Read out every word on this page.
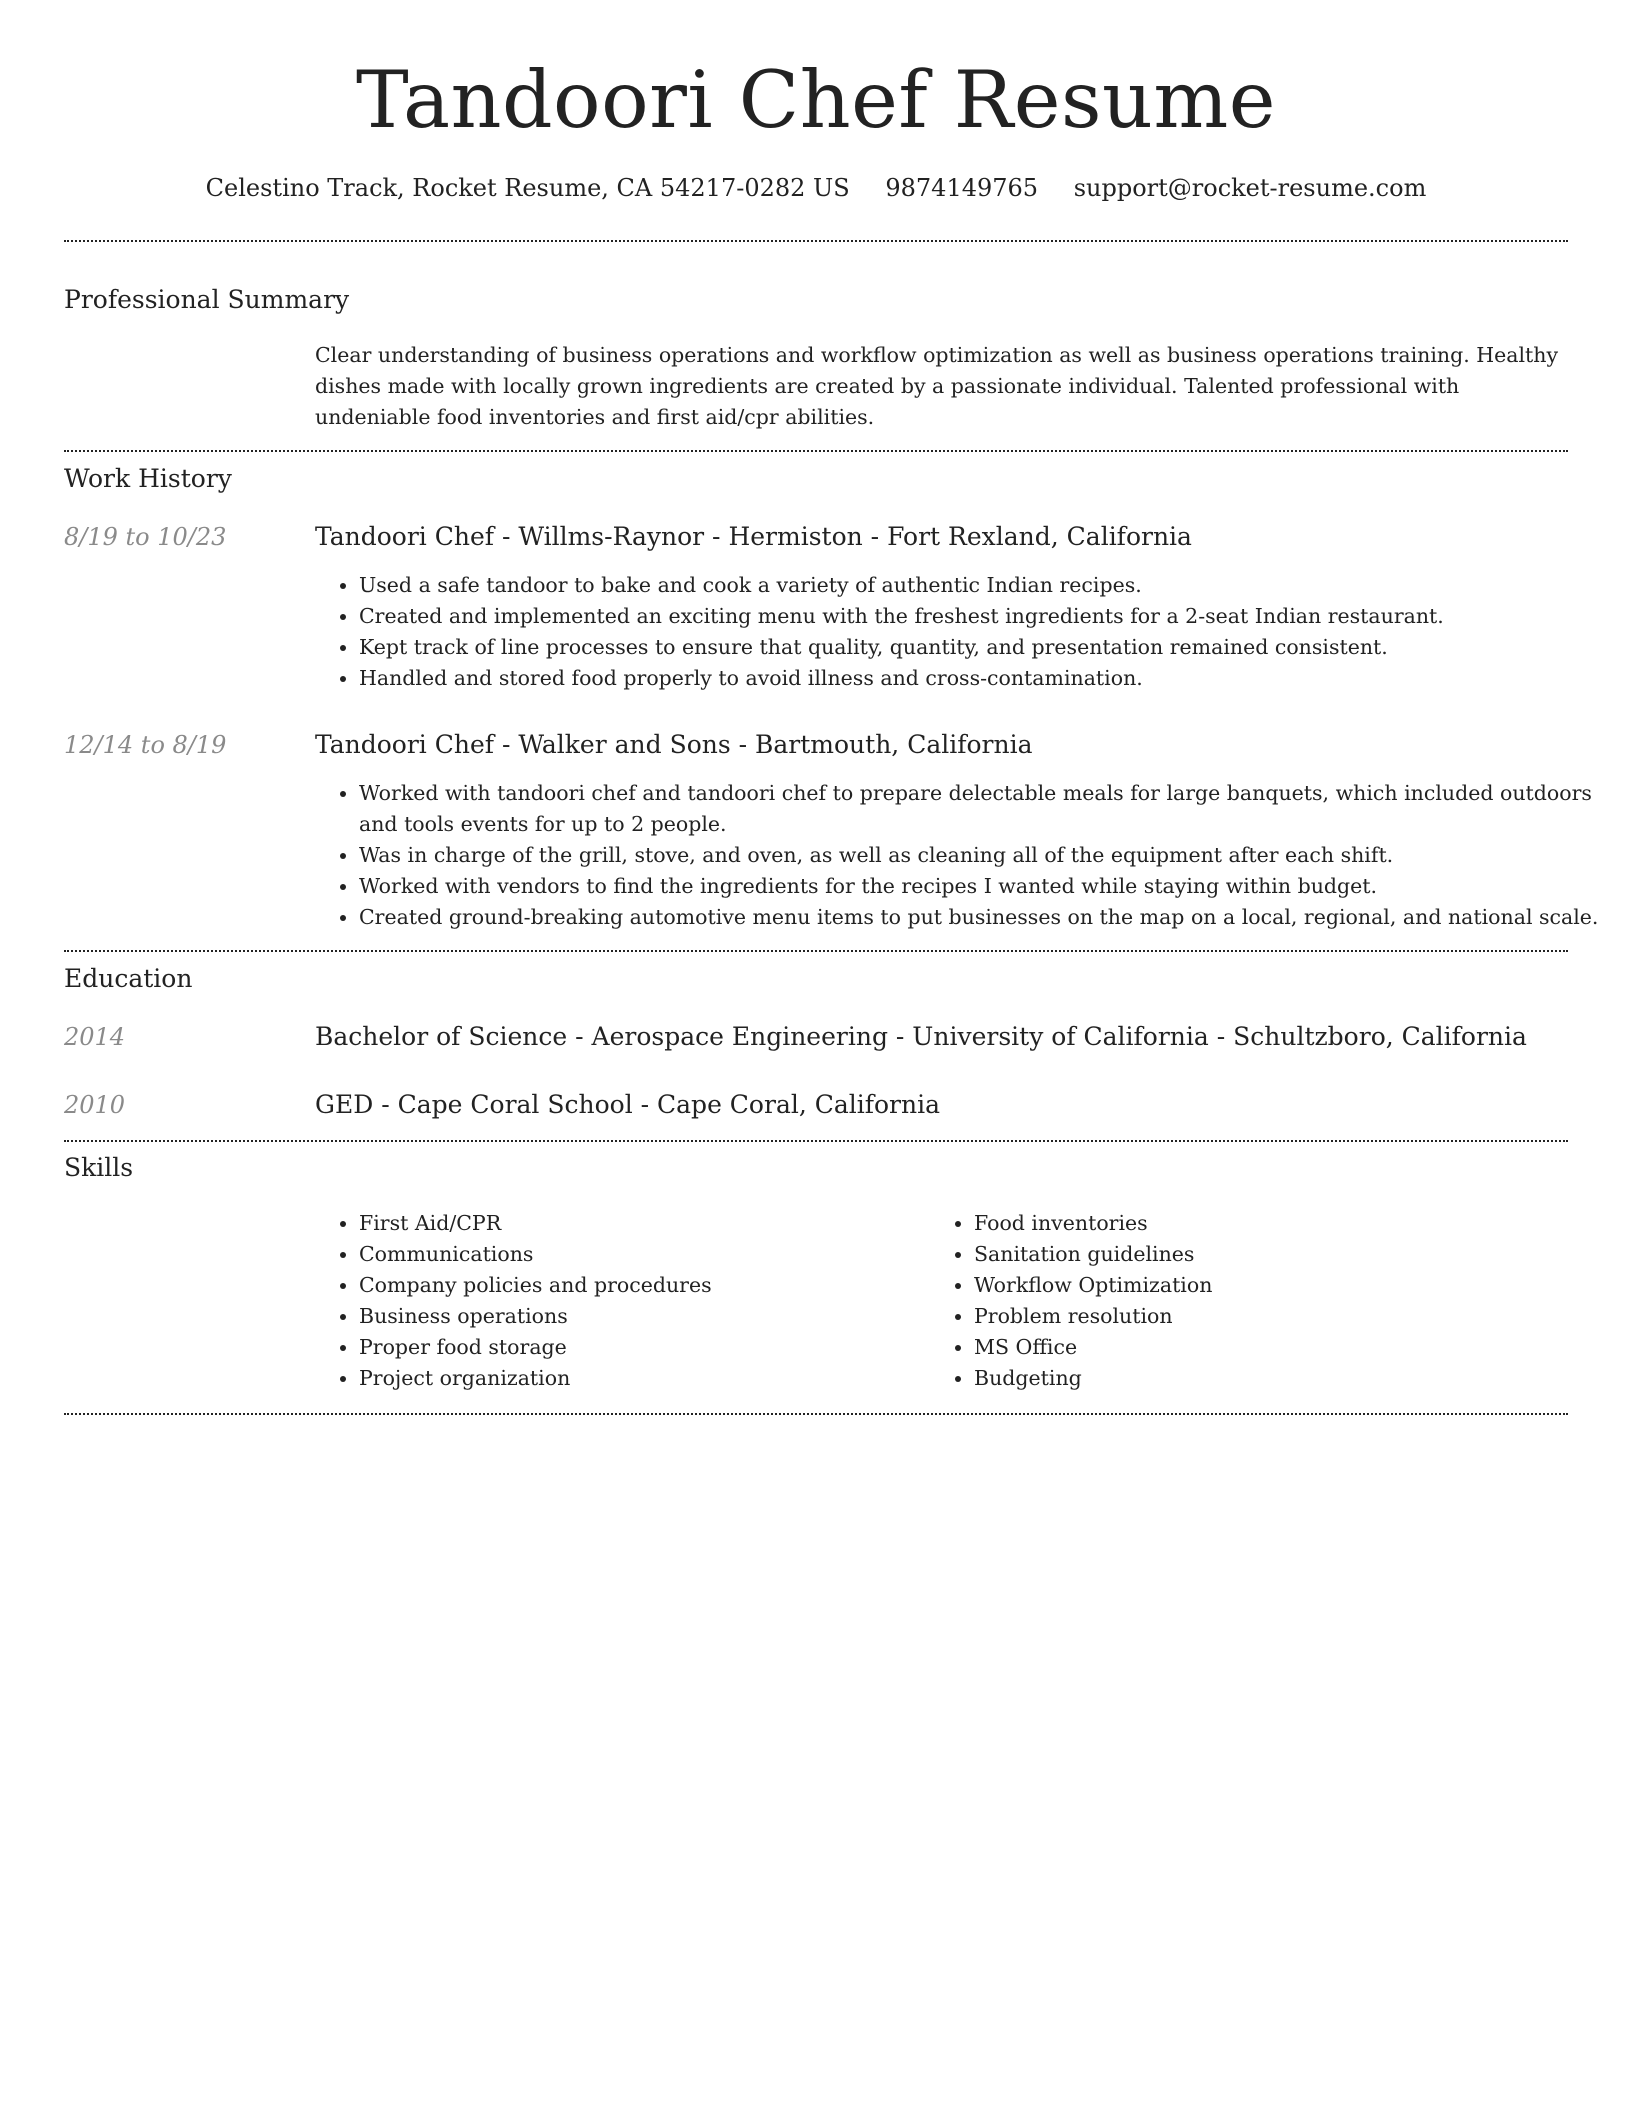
Tandoori Chef Resume
Celestino Track, Rocket Resume, CA 54217-0282 US 9874149765 support@rocket-resume.com
Professional Summary
Clear understanding of business operations and workflow optimization as well as business operations training. Healthy dishes made with locally grown ingredients are created by a passionate individual. Talented professional with undeniable food inventories and first aid/cpr abilities.
Work History
8/19 to 10/23	Tandoori Chef - Willms-Raynor - Hermiston - Fort Rexland, California
• Used a safe tandoor to bake and cook a variety of authentic Indian recipes.
• Created and implemented an exciting menu with the freshest ingredients for a 2-seat Indian restaurant.
• Kept track of line processes to ensure that quality, quantity, and presentation remained consistent.
• Handled and stored food properly to avoid illness and cross-contamination.
12/14 to 8/19	Tandoori Chef - Walker and Sons - Bartmouth, California
• Worked with tandoori chef and tandoori chef to prepare delectable meals for large banquets, which included outdoors and tools events for up to 2 people.
• Was in charge of the grill, stove, and oven, as well as cleaning all of the equipment after each shift.
• Worked with vendors to find the ingredients for the recipes I wanted while staying within budget.
• Created ground-breaking automotive menu items to put businesses on the map on a local, regional, and national scale.
Education
2014	Bachelor of Science - Aerospace Engineering - University of California - Schultzboro, California
2010	GED - Cape Coral School - Cape Coral, California
Skills
• First Aid/CPR
• Communications
• Company policies and procedures
• Business operations
• Proper food storage
• Project organization
• Food inventories
• Sanitation guidelines
• Workflow Optimization
• Problem resolution
• MS Office
• Budgeting
